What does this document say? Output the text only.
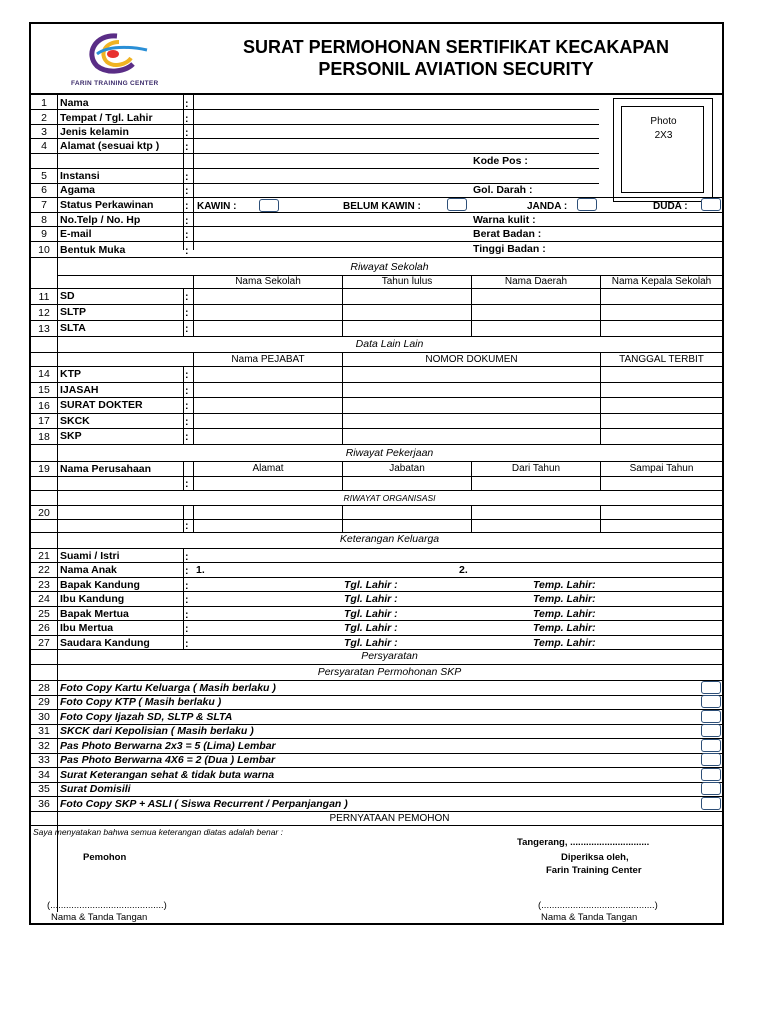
FARIN TRAINING CENTER
SURAT PERMOHONAN SERTIFIKAT KECAKAPAN
PERSONIL AVIATION SECURITY
Photo
2X3
1	Nama	:
2	Tempat / Tgl. Lahir	:
3	Jenis kelamin	:
4	Alamat (sesuai ktp ) :
Kode Pos :
5	Instansi	:
6	Agama	:	Gol. Darah :
7	Status Perkawinan	: KAWIN :	BELUM KAWIN :	JANDA :	DUDA :
8	No.Telp / No. Hp	:	Warna kulit :
9	E-mail	:	Berat Badan :
10 Bentuk Muka	:	Tinggi Badan :
Riwayat Sekolah
Nama Sekolah	Tahun lulus	Nama Daerah	Nama Kepala Sekolah
11	SD	:
12 SLTP	:
13 SLTA	:
Data Lain Lain
Nama PEJABAT	NOMOR DOKUMEN	TANGGAL TERBIT
14 KTP	:
15 IJASAH	:
16 SURAT DOKTER	:
17 SKCK	:
18 SKP	:
Riwayat Pekerjaan
19 Nama Perusahaan	Alamat	Jabatan	Dari Tahun	Sampai Tahun
:
RIWAYAT ORGANISASI
20
:
Keterangan Keluarga
21 Suami / Istri	:
22 Nama Anak	: 1.	2.
23 Bapak Kandung	:	Tgl. Lahir :	Temp. Lahir:
24 Ibu Kandung	:	Tgl. Lahir :	Temp. Lahir:
25 Bapak Mertua	:	Tgl. Lahir :	Temp. Lahir:
26 Ibu Mertua	:	Tgl. Lahir :	Temp. Lahir:
27 Saudara Kandung	:	Tgl. Lahir :	Temp. Lahir:
Persyaratan
Persyaratan Permohonan SKP
28 Foto Copy Kartu Keluarga ( Masih berlaku )
29 Foto Copy KTP ( Masih berlaku )
30 Foto Copy Ijazah SD, SLTP & SLTA
31 SKCK dari Kepolisian ( Masih berlaku )
32 Pas Photo Berwarna 2x3 = 5 (Lima) Lembar
33 Pas Photo Berwarna 4X6 = 2 (Dua ) Lembar
34 Surat Keterangan sehat & tidak buta warna
35 Surat Domisili
36 Foto Copy SKP + ASLI ( Siswa Recurrent / Perpanjangan )
PERNYATAAN PEMOHON
Saya menyatakan bahwa semua keterangan diatas adalah benar :
Tangerang, ..............................
Pemohon	Diperiksa oleh,
Farin Training Center
(...........................................)	(...........................................)
Nama & Tanda Tangan	Nama & Tanda Tangan
